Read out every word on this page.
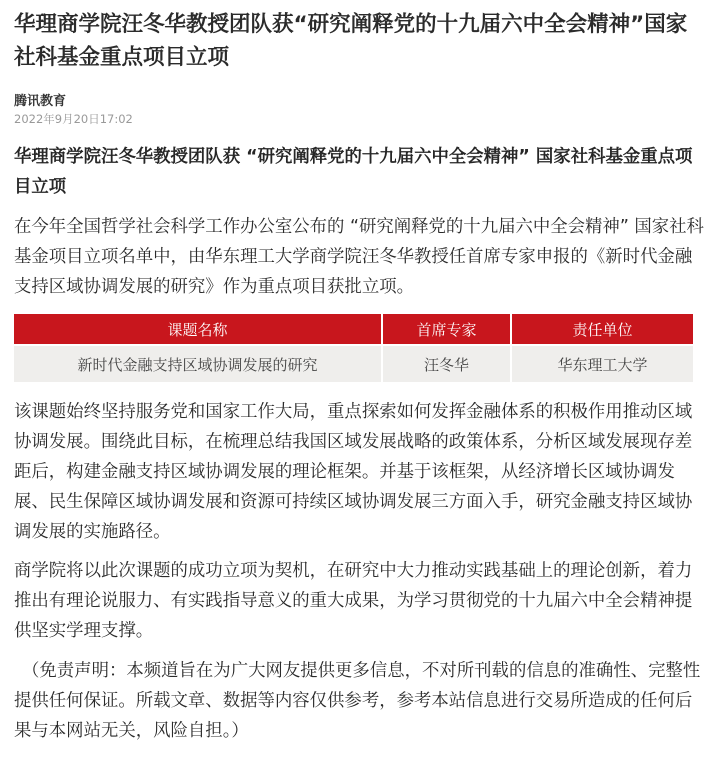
华理商学院汪冬华教授团队获“研究阐释党的十九届六中全会精神”国家社科基金重点项目立项
腾讯教育
2022年9月20日17:02
华理商学院汪冬华教授团队获 “研究阐释党的十九届六中全会精神” 国家社科基金重点项目立项

在今年全国哲学社会科学工作办公室公布的 “研究阐释党的十九届六中全会精神” 国家社科基金项目立项名单中，由华东理工大学商学院汪冬华教授任首席专家申报的《新时代金融支持区域协调发展的研究》作为重点项目获批立项。

课题名称	首席专家	责任单位
新时代金融支持区域协调发展的研究	汪冬华	华东理工大学

该课题始终坚持服务党和国家工作大局，重点探索如何发挥金融体系的积极作用推动区域协调发展。围绕此目标，在梳理总结我国区域发展战略的政策体系，分析区域发展现存差距后，构建金融支持区域协调发展的理论框架。并基于该框架，从经济增长区域协调发展、民生保障区域协调发展和资源可持续区域协调发展三方面入手，研究金融支持区域协调发展的实施路径。

商学院将以此次课题的成功立项为契机，在研究中大力推动实践基础上的理论创新，着力推出有理论说服力、有实践指导意义的重大成果，为学习贯彻党的十九届六中全会精神提供坚实学理支撑。

（免责声明：本频道旨在为广大网友提供更多信息，不对所刊载的信息的准确性、完整性提供任何保证。所载文章、数据等内容仅供参考，参考本站信息进行交易所造成的任何后果与本网站无关，风险自担。）
